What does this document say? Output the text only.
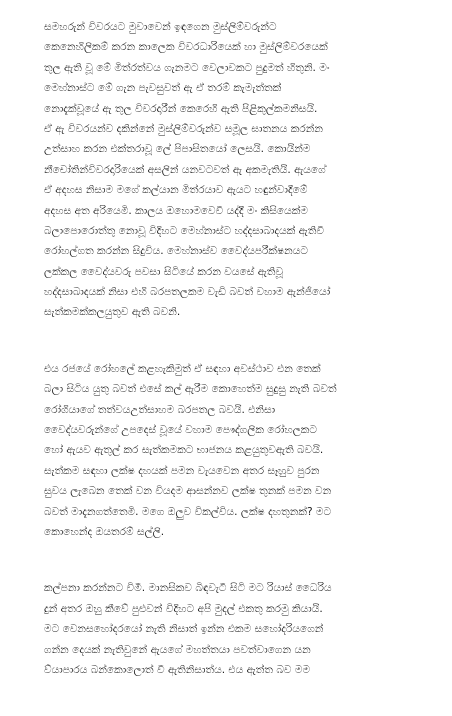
සමහරුන් විවරයට මුවාවෙන් ඉඳගෙන මුස්ලිම්වරුන්ට
කෙනෙහිලිකම් කරන කාලෙක විවරධාරියෙක් හා මුස්ලිම්වරයෙක්
තුල ඇති වූ මේ මිත්රත්වය ගැනමට වෙලාවකට පුදුමත් හිතුනි. මං
මෙහ්නාස්ට මේ ගැන පැවසුවත් ඇ ඒ තරම් කැමැත්තක්
නොදැක්වූයේ ඇ තුල විවරදාරීන් කෙරෙහි ඇති පිළිකුල්කමනිසයි.
ඒ ඇ විවරයන්ව දකින්නේ මුස්ලිම්වරුන්ව සමූල ඝාතනය කරන්න
උත්සාහ කරන එක්තරාවූ ලේ පිපාසිතයෝ ලෙසයි. කොයින්ම
නීචෝතින්විවරදාරියෙක් අසලින් යනවටවත් ඇ අකමැතියි. ඇයගේ
ඒ අදහස නිසාම මගේ කල්යාන මිත්රයාව ඇයට හඳුන්වාදීමේ
අදහස අත අරියෙමි. කාලය ඔහොමවෙවී යද්දී මං කිසියෙක්ම
බලාපොරොත්තු නොවූ විදිහට මෙහ්නාස්ට හද්දසාබාදයක් ඇතිවී
රෝහල්ගත කරන්න සිදුවිය. මෙහ්නාස්ව වෛද්යපරීක්ෂනයට
ලක්කල වෛද්යවරු පවසා සිටියේ කරන වයසේ ඇතිවූ
හද්දසාබාදයක් නිසා එහි බරපතලකම වැඩි බවත් වහාම ඇන්ජියෝ
සැත්කමක්කලයුතුව ඇති බවනි.
එය රජයේ රෝහලේ කළහැකිමුත් ඒ සඳහා අවස්ථාව එන තෙක්
බලා සිටිය යුතු බවත් එසේ කල් ඇරීම කොහෙත්ම සුදුසු නැති බවත්
රෝගියාගේ තත්වයඋත්සාහම බරපතල බවයි. එනිසා
වෛද්යවරුන්ගේ උපදෙස් වූයේ වහාම පෞද්ගලික රෝහලකට
හෝ ඇයව ඇතුල් කර සැත්කමකට භාජනය කළයුතුවඇති බවයි.
සැත්කම සඳහා ලක්ෂ දහයක් පමන වැයවෙන අතර සෑහුව පුරන
සුවය ලැබෙන තෙක් වන වියදම ආසන්නව ලක්ෂ තුනක් පමන වන
බවත් මාදැනගත්තෙමි. මගෙ ඔලුව විකල්විය. ලක්ෂ දහතුනක්? මට
කොහෙන්ද ඔයතරම් සල්ලි.
කල්පනා කරන්නට විමී. මානසිකව බිඳවැටී සිටි මට රියාස් ධෛරිය
දුන් අතර ඔහු කීවේ පුළුවන් විදිහට අපි මුදල් එකතු කරමු කියායි.
මට වෙනසහෝදරයෝ නැති නිසාත් ඉන්න එකම සහෝදරියගෙන්
ගන්න දෙයක් නැතිවුනේ ඇයගේ මහත්තයා පවත්වාගෙන යන
ව්යාපාරය බන්කොලොත් වී ඇතිනිසාත්ය. එය ඇත්ත බව මම
